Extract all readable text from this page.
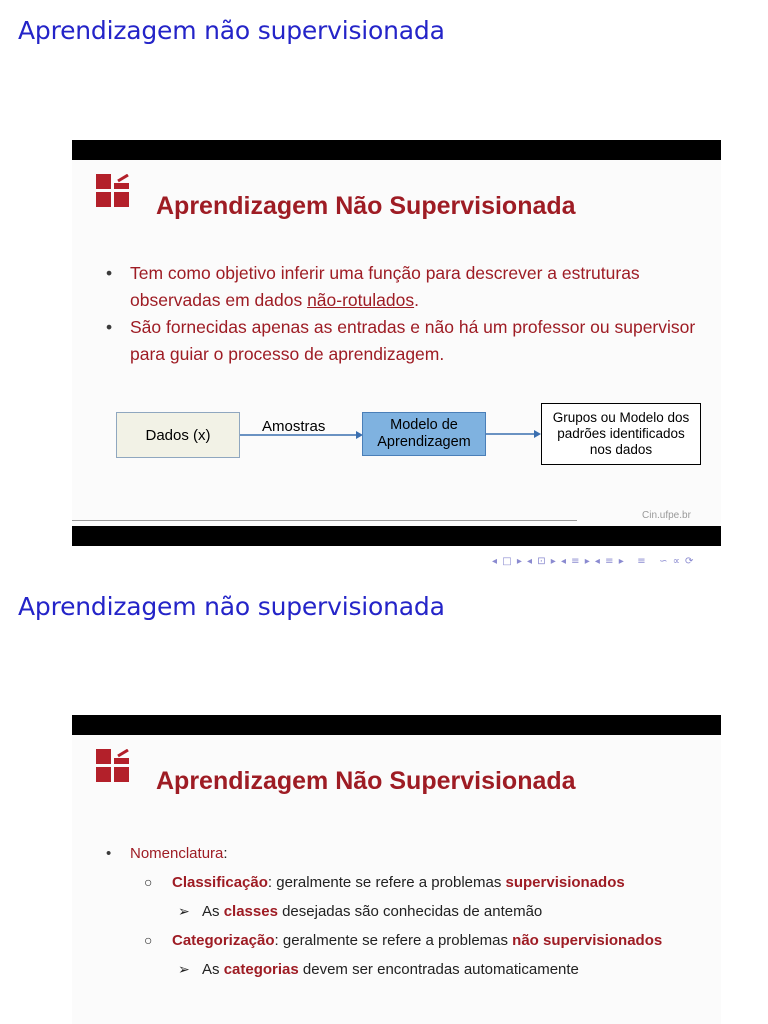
Aprendizagem não supervisionada
Aprendizagem Não Supervisionada
• Tem como objetivo inferir uma função para descrever a estruturas observadas em dados não-rotulados.
• São fornecidas apenas as entradas e não há um professor ou supervisor para guiar o processo de aprendizagem.
Dados (x)	Amostras	Modelo de
Aprendizagem
Grupos ou Modelo dos
padrões identificados
nos dados
Cin.ufpe.br
◂ □ ▸ ◂ ⊡ ▸ ◂ ≡ ▸ ◂ ≡ ▸   ≡   ∽ ∝ ⟳
Aprendizagem não supervisionada
Aprendizagem Não Supervisionada
• Nomenclatura:
○ Classificação: geralmente se refere a problemas supervisionados
➢ As classes desejadas são conhecidas de antemão
○ Categorização: geralmente se refere a problemas não supervisionados
➢ As categorias devem ser encontradas automaticamente
